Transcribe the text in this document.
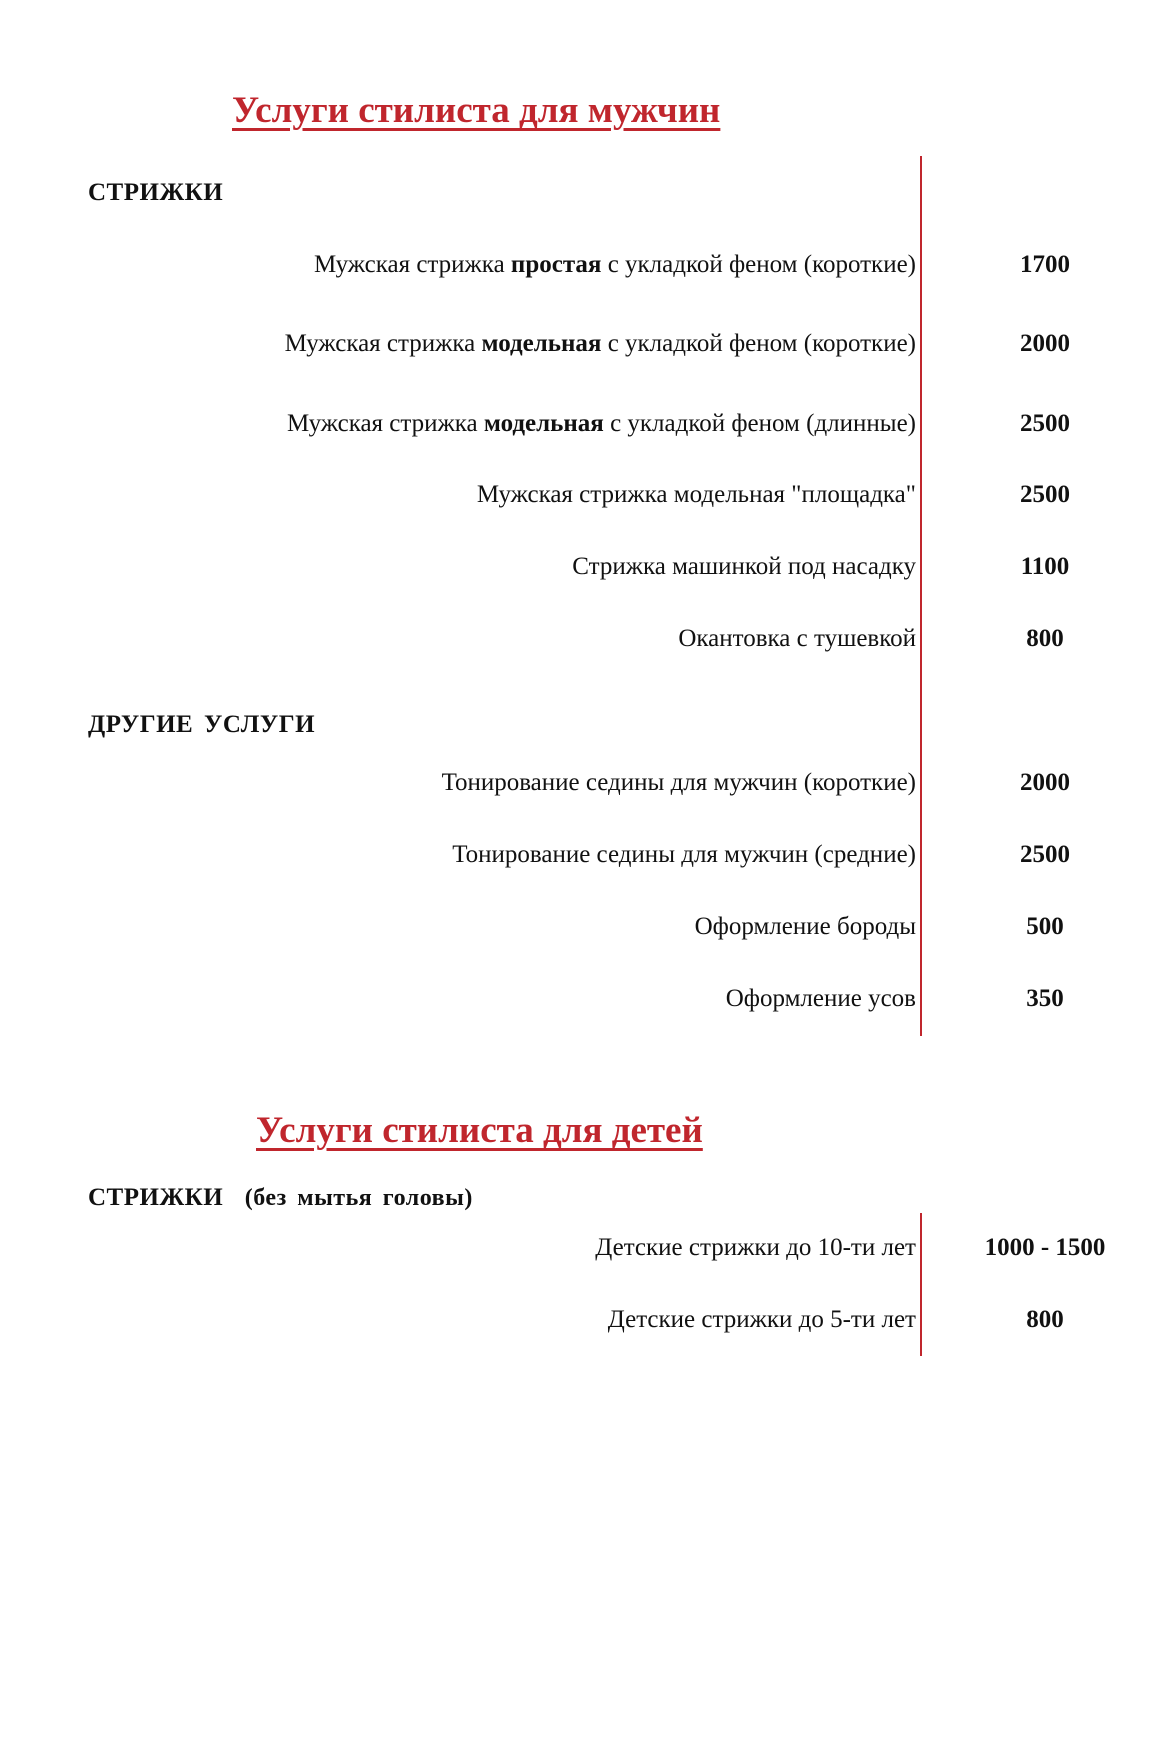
Услуги стилиста для мужчин
СТРИЖКИ
Мужская стрижка простая с укладкой феном (короткие)	1700
Мужская стрижка модельная с укладкой феном (короткие)	2000
Мужская стрижка модельная с укладкой феном (длинные)	2500
Мужская стрижка модельная "площадка"	2500
Стрижка машинкой под насадку	1100
Окантовка с тушевкой	800
ДРУГИЕ УСЛУГИ
Тонирование седины для мужчин (короткие)	2000
Тонирование седины для мужчин (средние)	2500
Оформление бороды	500
Оформление усов	350
Услуги стилиста для детей
СТРИЖКИ (без мытья головы)
Детские стрижки до 10-ти лет	1000 - 1500
Детские стрижки до 5-ти лет	800
